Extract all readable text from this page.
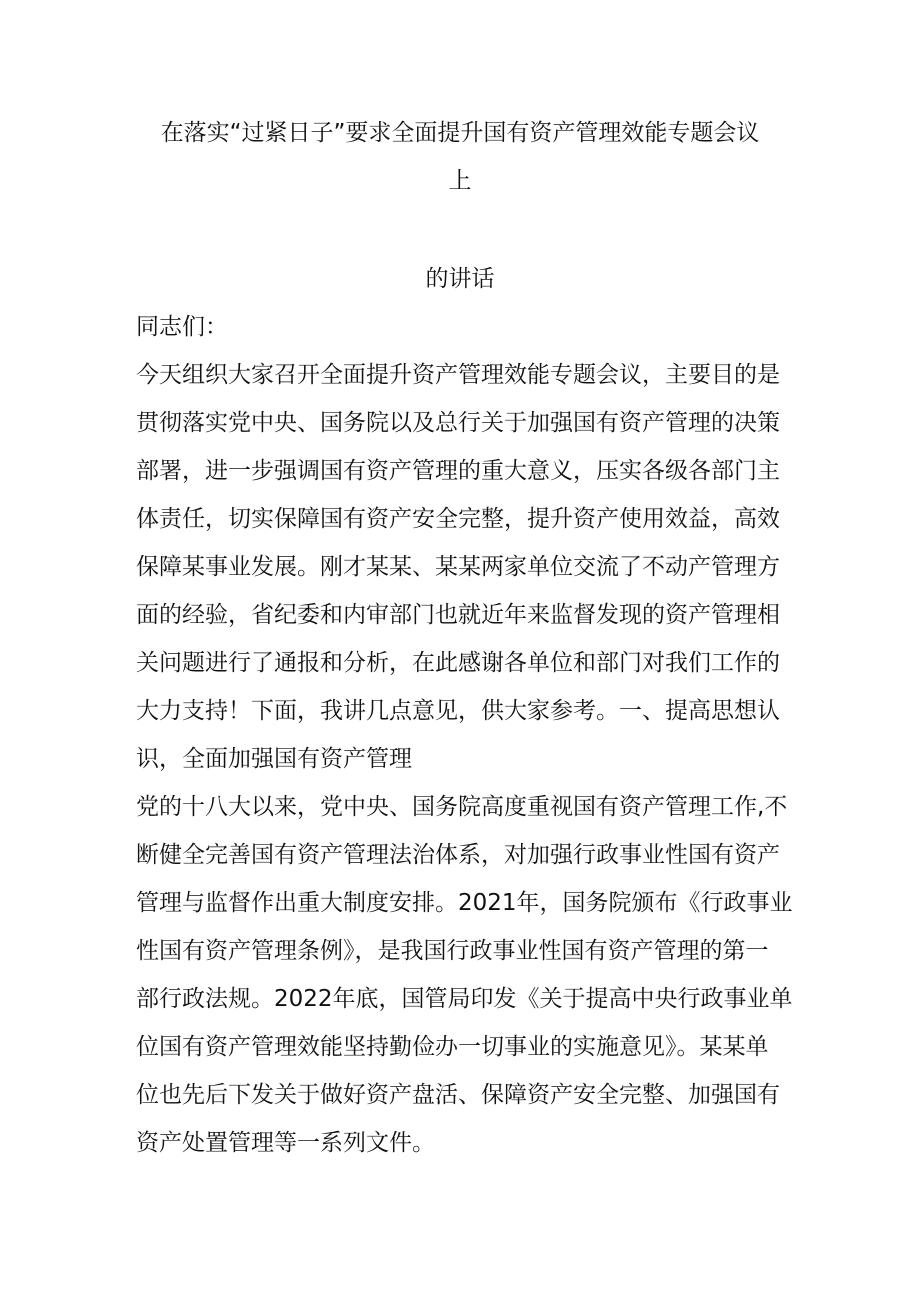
在落实“过紧日子”要求全面提升国有资产管理效能专题会议
上
的讲话
同志们：
今天组织大家召开全面提升资产管理效能专题会议，主要目的是
贯彻落实党中央、国务院以及总行关于加强国有资产管理的决策
部署，进一步强调国有资产管理的重大意义，压实各级各部门主
体责任，切实保障国有资产安全完整，提升资产使用效益，高效
保障某事业发展。刚才某某、某某两家单位交流了不动产管理方
面的经验，省纪委和内审部门也就近年来监督发现的资产管理相
关问题进行了通报和分析，在此感谢各单位和部门对我们工作的
大力支持！下面，我讲几点意见，供大家参考。一、提高思想认
识，全面加强国有资产管理
党的十八大以来，党中央、国务院高度重视国有资产管理工作,不
断健全完善国有资产管理法治体系，对加强行政事业性国有资产
管理与监督作出重大制度安排。2021年，国务院颁布《行政事业
性国有资产管理条例》，是我国行政事业性国有资产管理的第一
部行政法规。2022年底，国管局印发《关于提高中央行政事业单
位国有资产管理效能坚持勤俭办一切事业的实施意见》。某某单
位也先后下发关于做好资产盘活、保障资产安全完整、加强国有
资产处置管理等一系列文件。
